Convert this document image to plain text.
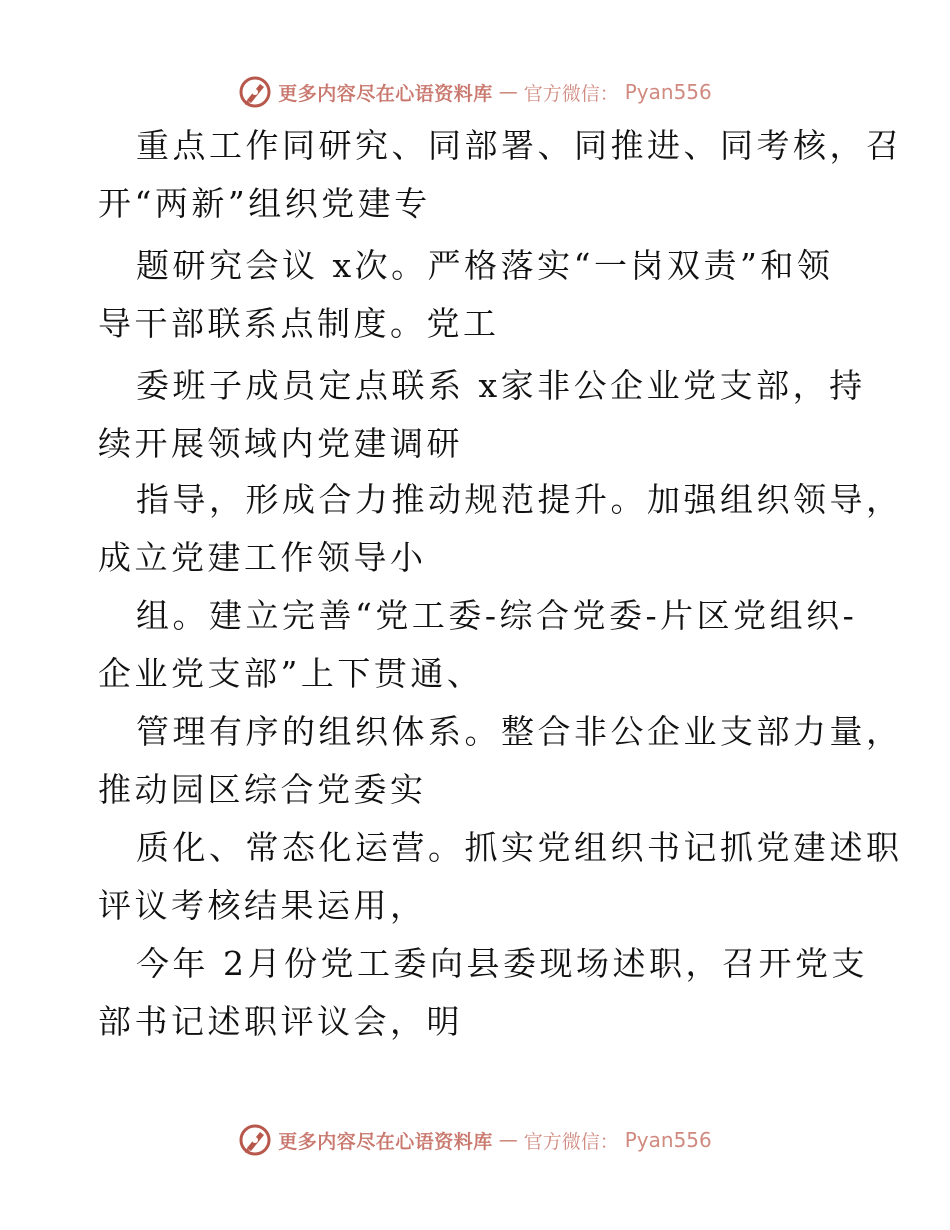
更多内容尽在心语资料库 — 官方微信： Pyan556
重点工作同研究、同部署、同推进、同考核，召
开“两新”组织党建专
题研究会议 x次。严格落实“一岗双责”和领
导干部联系点制度。党工
委班子成员定点联系 x家非公企业党支部，持
续开展领域内党建调研
指导，形成合力推动规范提升。加强组织领导，
成立党建工作领导小
组。建立完善“党工委-综合党委-片区党组织-
企业党支部”上下贯通、
管理有序的组织体系。整合非公企业支部力量，
推动园区综合党委实
质化、常态化运营。抓实党组织书记抓党建述职
评议考核结果运用，
今年 2月份党工委向县委现场述职，召开党支
部书记述职评议会，明
更多内容尽在心语资料库 — 官方微信： Pyan556
